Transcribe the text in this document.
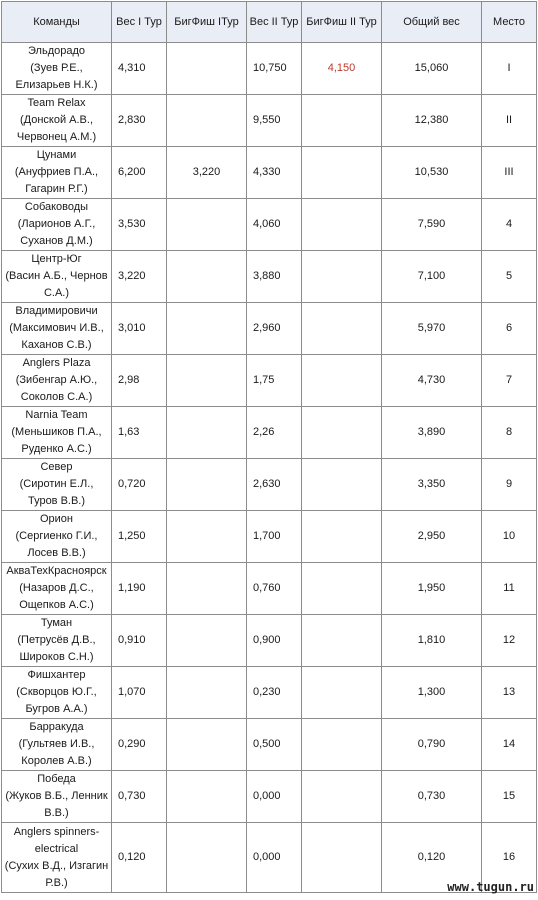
Команды	Вес I Тур	БигФиш IТур	Вес II Тур	БигФиш II Тур	Общий вес	Место

Эльдорадо
(Зуев Р.Е., Елизарьев Н.К.)	4,310		10,750	4,150	15,060	I

Team Relax
(Донской А.В., Червонец А.М.)	2,830		9,550		12,380	II

Цунами
(Ануфриев П.А., Гагарин Р.Г.)	6,200	3,220	4,330		10,530	III

Собаководы
(Ларионов А.Г., Суханов Д.М.)	3,530		4,060		7,590	4

Центр-Юг
(Васин А.Б., Чернов С.А.)	3,220		3,880		7,100	5

Владимировичи
(Максимович И.В., Каханов С.В.)	3,010		2,960		5,970	6

Anglers Plaza
(Зибенгар А.Ю., Соколов С.А.)	2,98		1,75		4,730	7

Narnia Team
(Меньшиков П.А., Руденко А.С.)	1,63		2,26		3,890	8

Север
(Сиротин Е.Л., Туров В.В.)	0,720		2,630		3,350	9

Орион
(Сергиенко Г.И., Лосев В.В.)	1,250		1,700		2,950	10

АкваТехКрасноярск
(Назаров Д.С., Ощепков А.С.)	1,190		0,760		1,950	11

Туман
(Петрусёв Д.В., Широков С.Н.)	0,910		0,900		1,810	12

Фишхантер
(Скворцов Ю.Г., Бугров А.А.)	1,070		0,230		1,300	13

Барракуда
(Гультяев И.В., Королев А.В.)	0,290		0,500		0,790	14

Победа
(Жуков В.Б., Ленник В.В.)	0,730		0,000		0,730	15

Anglers spinners-electrical
(Сухих В.Д., Изгагин Р.В.)	0,120		0,000		0,120	16
www.tugun.ru
